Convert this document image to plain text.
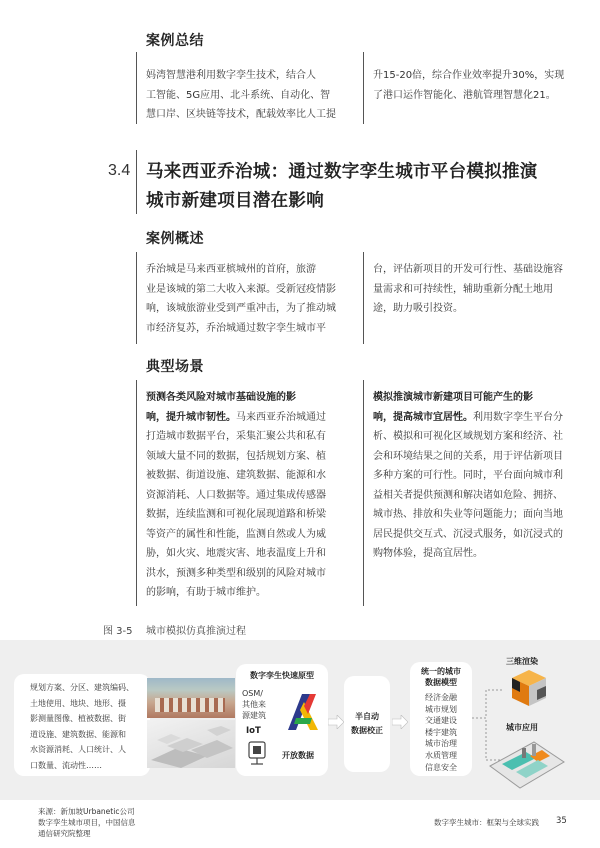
案例总结
妈湾智慧港利用数字孪生技术，结合人
工智能、5G应用、北斗系统、自动化、智
慧口岸、区块链等技术，配载效率比人工提
升15-20倍，综合作业效率提升30%，实现
了港口运作智能化、港航管理智慧化21。
3.4 马来西亚乔治城：通过数字孪生城市平台模拟推演
城市新建项目潜在影响
案例概述
乔治城是马来西亚槟城州的首府，旅游
业是该城的第二大收入来源。受新冠疫情影
响，该城旅游业受到严重冲击，为了推动城
市经济复苏，乔治城通过数字孪生城市平
台，评估新项目的开发可行性、基础设施容
量需求和可持续性，辅助重新分配土地用
途，助力吸引投资。
典型场景
预测各类风险对城市基础设施的影
响，提升城市韧性。马来西亚乔治城通过
打造城市数据平台，采集汇聚公共和私有
领域大量不同的数据，包括规划方案、植
被数据、街道设施、建筑数据、能源和水
资源消耗、人口数据等。通过集成传感器
数据，连续监测和可视化展现道路和桥梁
等资产的属性和性能，监测自然或人为威
胁，如火灾、地震灾害、地表温度上升和
洪水，预测多种类型和级别的风险对城市
的影响，有助于城市维护。
模拟推演城市新建项目可能产生的影
响，提高城市宜居性。利用数字孪生平台分
析、模拟和可视化区域规划方案和经济、社
会和环境结果之间的关系，用于评估新项目
多种方案的可行性。同时，平台面向城市利
益相关者提供预测和解决诸如危险、拥挤、
城市热、排放和失业等问题能力；面向当地
居民提供交互式、沉浸式服务，如沉浸式的
购物体验，提高宜居性。
图 3-5 城市模拟仿真推演过程
规划方案、分区、建筑编码、
土地使用、地块、地形、摄
影测量图像、植被数据、街
道设施、建筑数据、能源和
水资源消耗、人口统计、人
口数量、流动性……
数字孪生快速原型
OSM/
其他来
源建筑
IoT
开放数据
半自动
数据校正
统一的城市
数据模型
经济金融
城市规划
交通建设
楼宇建筑
城市治理
水质管理
信息安全
三维渲染
城市应用
来源：新加坡Urbanetic公司
数字孪生城市项目，中国信息
通信研究院整理
数字孪生城市：框架与全球实践 35
